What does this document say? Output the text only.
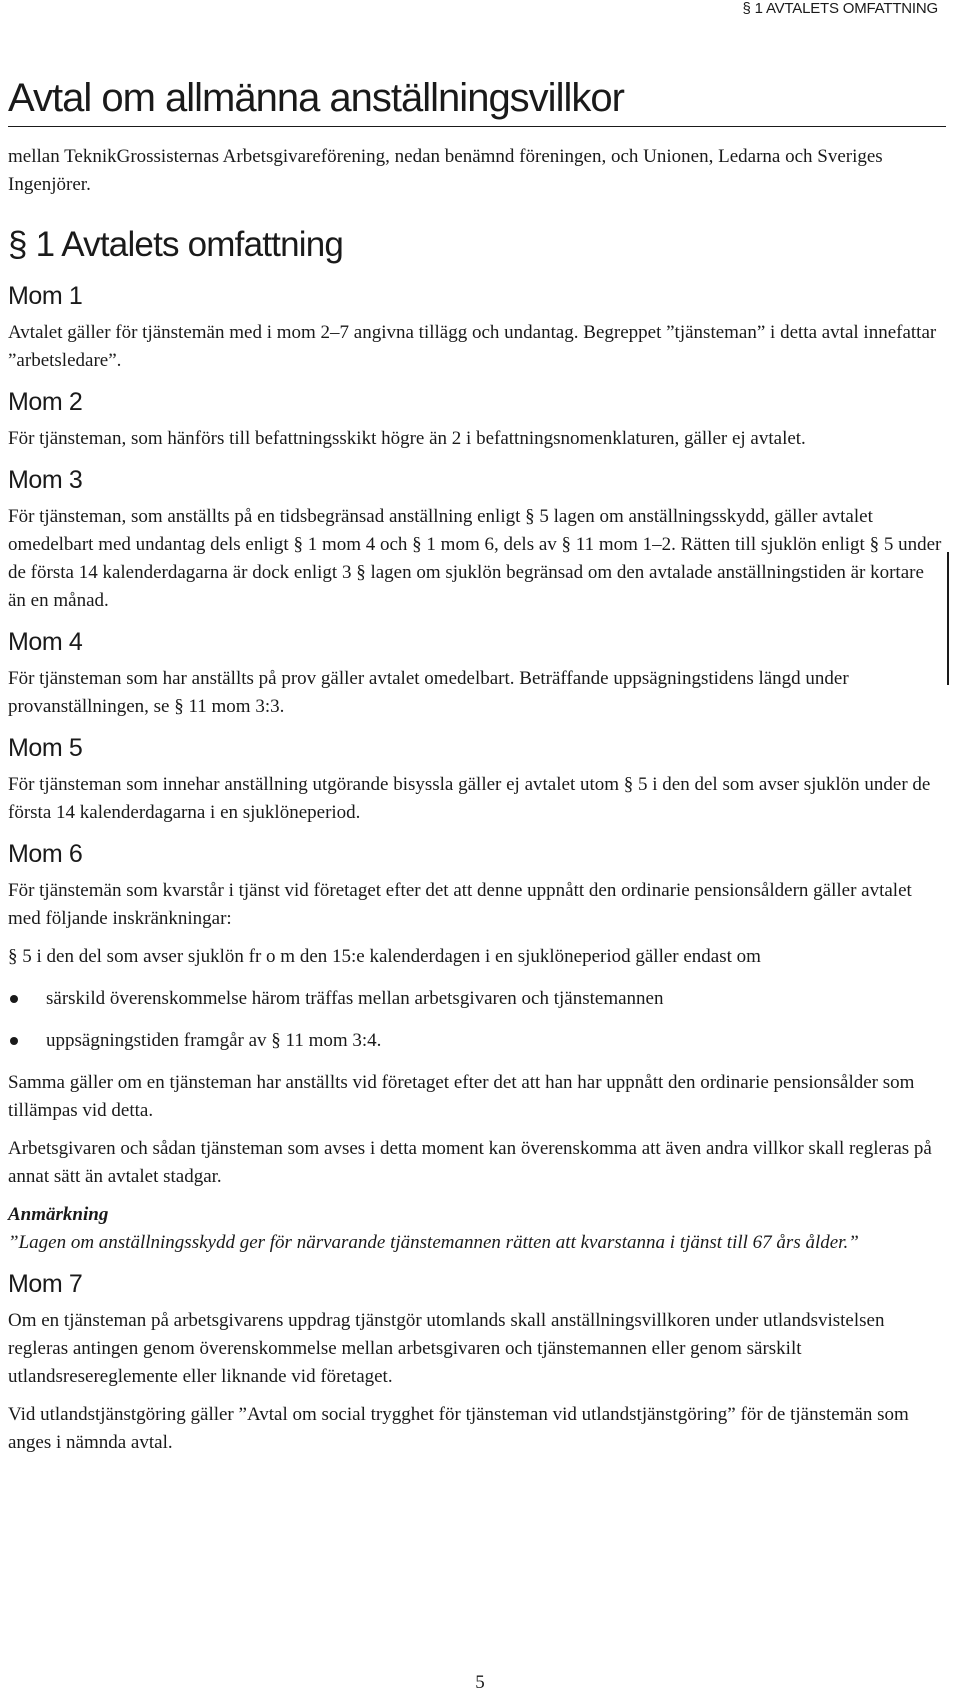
§ 1 AVTALETS OMFATTNING
Avtal om allmänna anställningsvillkor

mellan TeknikGrossisternas Arbetsgivareförening, nedan benämnd föreningen, och Unionen, Ledarna och Sveriges Ingenjörer.

§ 1 Avtalets omfattning
Mom 1

Avtalet gäller för tjänstemän med i mom 2–7 angivna tillägg och undantag. Begreppet ”tjänsteman” i detta avtal innefattar ”arbetsledare”.

Mom 2

För tjänsteman, som hänförs till befattningsskikt högre än 2 i befattningsnomenklaturen, gäller ej avtalet.

Mom 3

För tjänsteman, som anställts på en tidsbegränsad anställning enligt § 5 lagen om anställningsskydd, gäller avtalet omedelbart med undantag dels enligt § 1 mom 4 och § 1 mom 6, dels av § 11 mom 1–2. Rätten till sjuklön enligt § 5 under de första 14 kalenderdagarna är dock enligt 3 § lagen om sjuklön begränsad om den avtalade anställningstiden är kortare än en månad.

Mom 4

För tjänsteman som har anställts på prov gäller avtalet omedelbart. Beträffande uppsägningstidens längd under provanställningen, se § 11 mom 3:3.

Mom 5

För tjänsteman som innehar anställning utgörande bisyssla gäller ej avtalet utom § 5 i den del som avser sjuklön under de första 14 kalenderdagarna i en sjuklöneperiod.

Mom 6

För tjänstemän som kvarstår i tjänst vid företaget efter det att denne uppnått den ordinarie pensionsåldern gäller avtalet med följande inskränkningar:

§ 5 i den del som avser sjuklön fr o m den 15:e kalenderdagen i en sjuklöneperiod gäller endast om

särskild överenskommelse härom träffas mellan arbetsgivaren och tjänstemannen
uppsägningstiden framgår av § 11 mom 3:4.

Samma gäller om en tjänsteman har anställts vid företaget efter det att han har uppnått den ordinarie pensionsålder som tillämpas vid detta.

Arbetsgivaren och sådan tjänsteman som avses i detta moment kan överenskomma att även andra villkor skall regleras på annat sätt än avtalet stadgar.

Anmärkning

”Lagen om anställningsskydd ger för närvarande tjänstemannen rätten att kvarstanna i tjänst till 67 års ålder.”

Mom 7

Om en tjänsteman på arbetsgivarens uppdrag tjänstgör utomlands skall anställningsvillkoren under utlandsvistelsen regleras antingen genom överenskommelse mellan arbetsgivaren och tjänstemannen eller genom särskilt utlandsresereglemente eller liknande vid företaget.

Vid utlandstjänstgöring gäller ”Avtal om social trygghet för tjänsteman vid utlandstjänstgöring” för de tjänstemän som anges i nämnda avtal.

5
